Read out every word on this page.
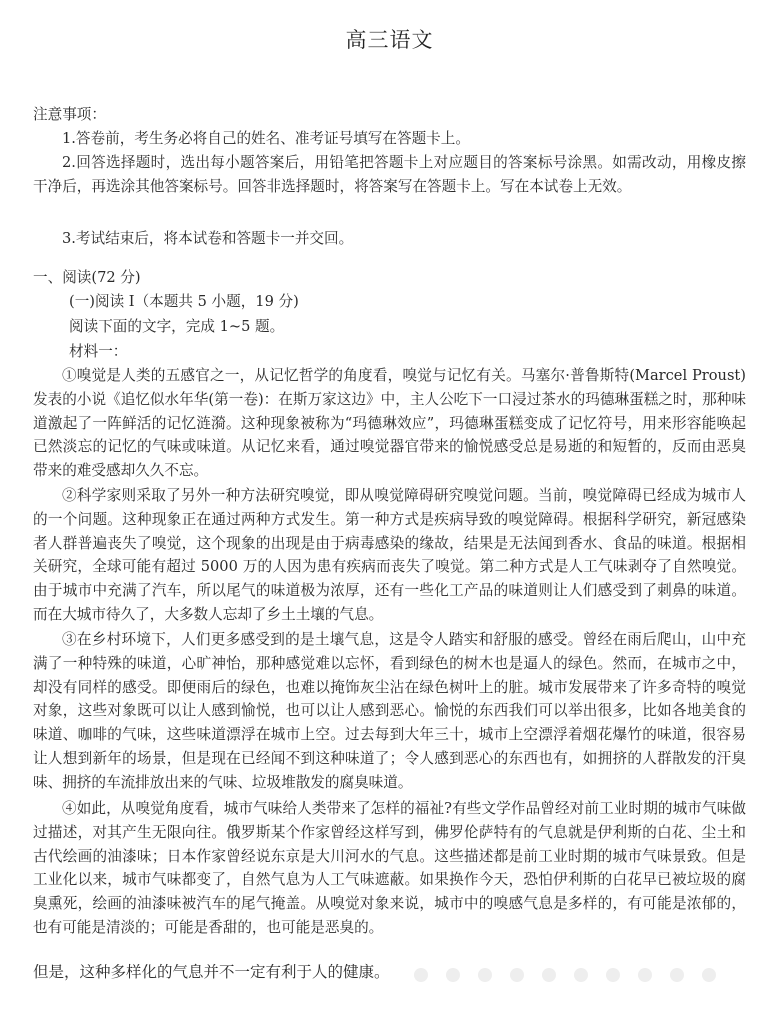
高三语文

注意事项：

1.答卷前，考生务必将自己的姓名、准考证号填写在答题卡上。

2.回答选择题时，选出每小题答案后，用铅笔把答题卡上对应题目的答案标号涂黑。如需改动，用橡皮擦干净后，再选涂其他答案标号。回答非选择题时，将答案写在答题卡上。写在本试卷上无效。

3.考试结束后，将本试卷和答题卡一并交回。

一、阅读(72 分)

(一)阅读 I（本题共 5 小题，19 分)

阅读下面的文字，完成 1~5 题。

材料一：

①嗅觉是人类的五感官之一，从记忆哲学的角度看，嗅觉与记忆有关。马塞尔·普鲁斯特(Marcel Proust)发表的小说《追忆似水年华(第一卷)：在斯万家这边》中，主人公吃下一口浸过茶水的玛德琳蛋糕之时，那种味道激起了一阵鲜活的记忆涟漪。这种现象被称为“玛德琳效应”，玛德琳蛋糕变成了记忆符号，用来形容能唤起已然淡忘的记忆的气味或味道。从记忆来看，通过嗅觉器官带来的愉悦感受总是易逝的和短暂的，反而由恶臭带来的难受感却久久不忘。

②科学家则采取了另外一种方法研究嗅觉，即从嗅觉障碍研究嗅觉问题。当前，嗅觉障碍已经成为城市人的一个问题。这种现象正在通过两种方式发生。第一种方式是疾病导致的嗅觉障碍。根据科学研究，新冠感染者人群普遍丧失了嗅觉，这个现象的出现是由于病毒感染的缘故，结果是无法闻到香水、食品的味道。根据相关研究，全球可能有超过 5000 万的人因为患有疾病而丧失了嗅觉。第二种方式是人工气味剥夺了自然嗅觉。由于城市中充满了汽车，所以尾气的味道极为浓厚，还有一些化工产品的味道则让人们感受到了刺鼻的味道。而在大城市待久了，大多数人忘却了乡土土壤的气息。

③在乡村环境下，人们更多感受到的是土壤气息，这是令人踏实和舒服的感受。曾经在雨后爬山，山中充满了一种特殊的味道，心旷神怡，那种感觉难以忘怀，看到绿色的树木也是逼人的绿色。然而，在城市之中，却没有同样的感受。即便雨后的绿色，也难以掩饰灰尘沾在绿色树叶上的脏。城市发展带来了许多奇特的嗅觉对象，这些对象既可以让人感到愉悦，也可以让人感到恶心。愉悦的东西我们可以举出很多，比如各地美食的味道、咖啡的气味，这些味道漂浮在城市上空。过去每到大年三十，城市上空漂浮着烟花爆竹的味道，很容易让人想到新年的场景，但是现在已经闻不到这种味道了；令人感到恶心的东西也有，如拥挤的人群散发的汗臭味、拥挤的车流排放出来的气味、垃圾堆散发的腐臭味道。

④如此，从嗅觉角度看，城市气味给人类带来了怎样的福祉?有些文学作品曾经对前工业时期的城市气味做过描述，对其产生无限向往。俄罗斯某个作家曾经这样写到，佛罗伦萨特有的气息就是伊利斯的白花、尘土和古代绘画的油漆味；日本作家曾经说东京是大川河水的气息。这些描述都是前工业时期的城市气味景致。但是工业化以来，城市气味都变了，自然气息为人工气味遮蔽。如果换作今天，恐怕伊利斯的白花早已被垃圾的腐臭熏死，绘画的油漆味被汽车的尾气掩盖。从嗅觉对象来说，城市中的嗅感气息是多样的，有可能是浓郁的，也有可能是清淡的；可能是香甜的，也可能是恶臭的。

但是，这种多样化的气息并不一定有利于人的健康。
